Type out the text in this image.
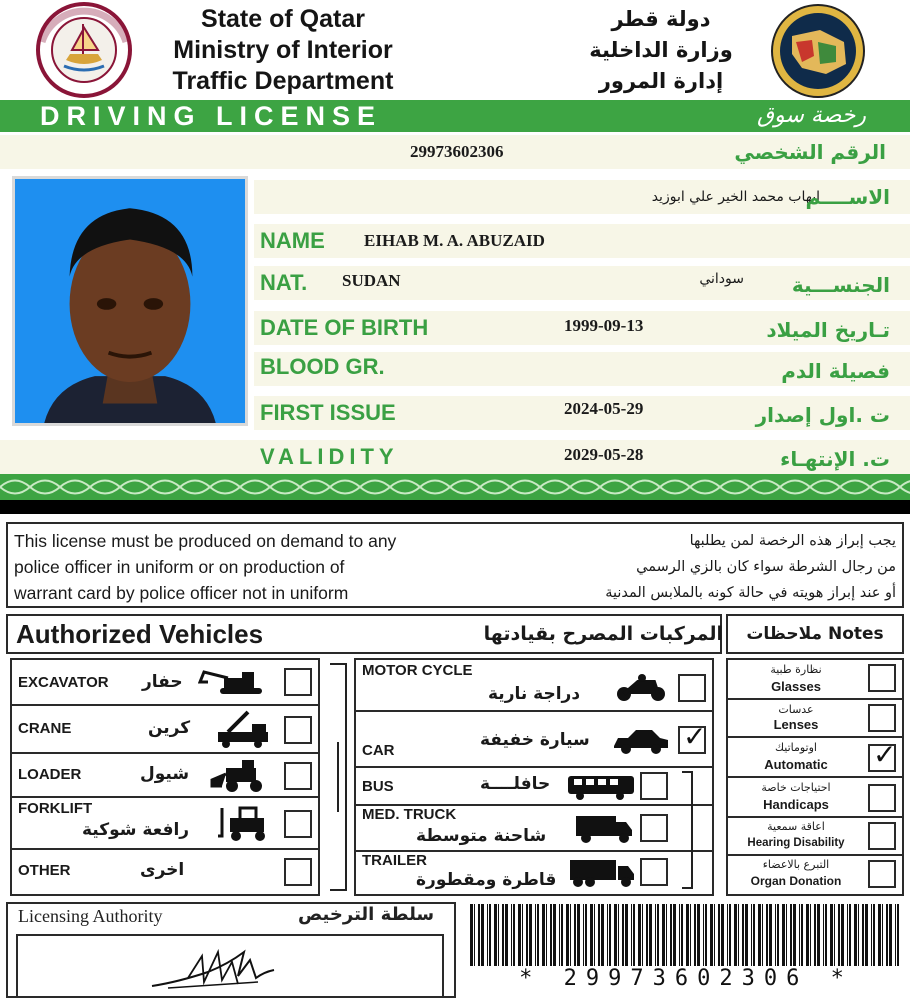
State of Qatar
Ministry of Interior
Traffic Department
دولة قطر
وزارة الداخلية
إدارة المرور
DRIVING LICENSE	رخصة سوق
29973602306	الرقم الشخصي
ايهاب محمد الخير علي ابوزيد
الاســــم
NAME EIHAB M. A. ABUZAID
NAT. SUDAN	سوداني	الجنســـية
DATE OF BIRTH	1999-09-13	تـاريخ الميلاد
BLOOD GR.	فصيلة الدم
FIRST ISSUE	2024-05-29	ت .اول إصدار
VALIDITY	2029-05-28	ت. الإنتهـاء
This license must be produced on demand to any
police officer in uniform or on production of
warrant card by police officer not in uniform
يجب إبراز هذه الرخصة لمن يطلبها
من رجال الشرطة سواء كان بالزي الرسمي
أو عند إبراز هويته في حالة كونه بالملابس المدنية
Authorized Vehicles	المركبات المصرح بقيادتها	ملاحظات Notes
EXCAVATOR حفار
CRANE	كرين
LOADER	شيول
FORKLIFT
رافعة شوكية
OTHER	اخرى
MOTOR CYCLE
دراجة نارية
CAR
سيارة خفيفة	✓
BUS	حافلــــة
MED. TRUCK
شاحنة متوسطة
TRAILER
قاطرة ومقطورة
نظارة طبية
Glasses
عدسات
Lenses
اوتوماتيك
Automatic	✓
احتياجات خاصة
Handicaps
اعاقة سمعية
Hearing Disability
التبرع بالاعضاء
Organ Donation
Licensing Authority	سلطة الترخيص
* 29973602306 *
